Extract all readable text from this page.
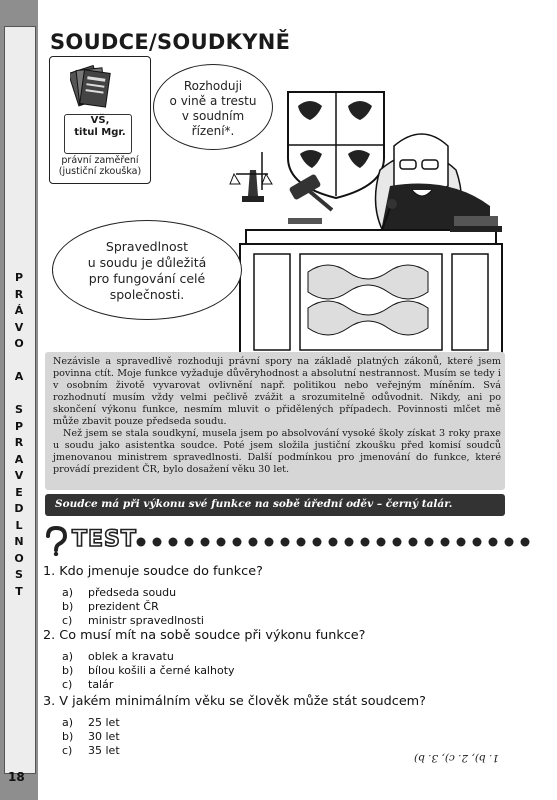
P
R
Á
V
O

A

S
P
R
A
V
E
D
L
N
O
S
T
18
SOUDCE/SOUDKYNĚ
VŠ,
titul Mgr.
právní zaměření (justiční zkouška)
Rozhoduji
o vině a trestu
v soudním
řízení*.
Spravedlnost
u soudu je důležitá
pro fungování celé
společnosti.

Nezávisle a spravedlivě rozhoduji právní spory na základě platných zákonů, které jsem povinna ctít. Moje funkce vyžaduje důvěryhodnost a absolutní nestrannost. Musím se tedy i v osobním životě vyvarovat ovlivnění např. politikou nebo veřejným míněním. Svá rozhodnutí musím vždy velmi pečlivě zvážit a srozumitelně odůvodnit. Nikdy, ani po skončení výkonu funkce, nesmím mluvit o přidělených případech. Povinnosti mlčet mě může zbavit pouze předseda soudu.

Než jsem se stala soudkyní, musela jsem po absolvování vysoké školy získat 3 roky praxe u soudu jako asistentka soudce. Poté jsem složila justiční zkoušku před komisí soudců jmenovanou ministrem spravedlnosti. Další podmínkou pro jmenování do funkce, které provádí prezident ČR, bylo dosažení věku 30 let.

Soudce má při výkonu své funkce na sobě úřední oděv – černý talár.
TEST
1. Kdo jmenuje soudce do funkce?
a) předseda soudu
b) prezident ČR
c) ministr spravedlnosti
2. Co musí mít na sobě soudce při výkonu funkce?
a) oblek a kravatu
b) bílou košili a černé kalhoty
c) talár
3. V jakém minimálním věku se člověk může stát soudcem?
a) 25 let
b) 30 let
c) 35 let
1. b), 2. c), 3. b)
